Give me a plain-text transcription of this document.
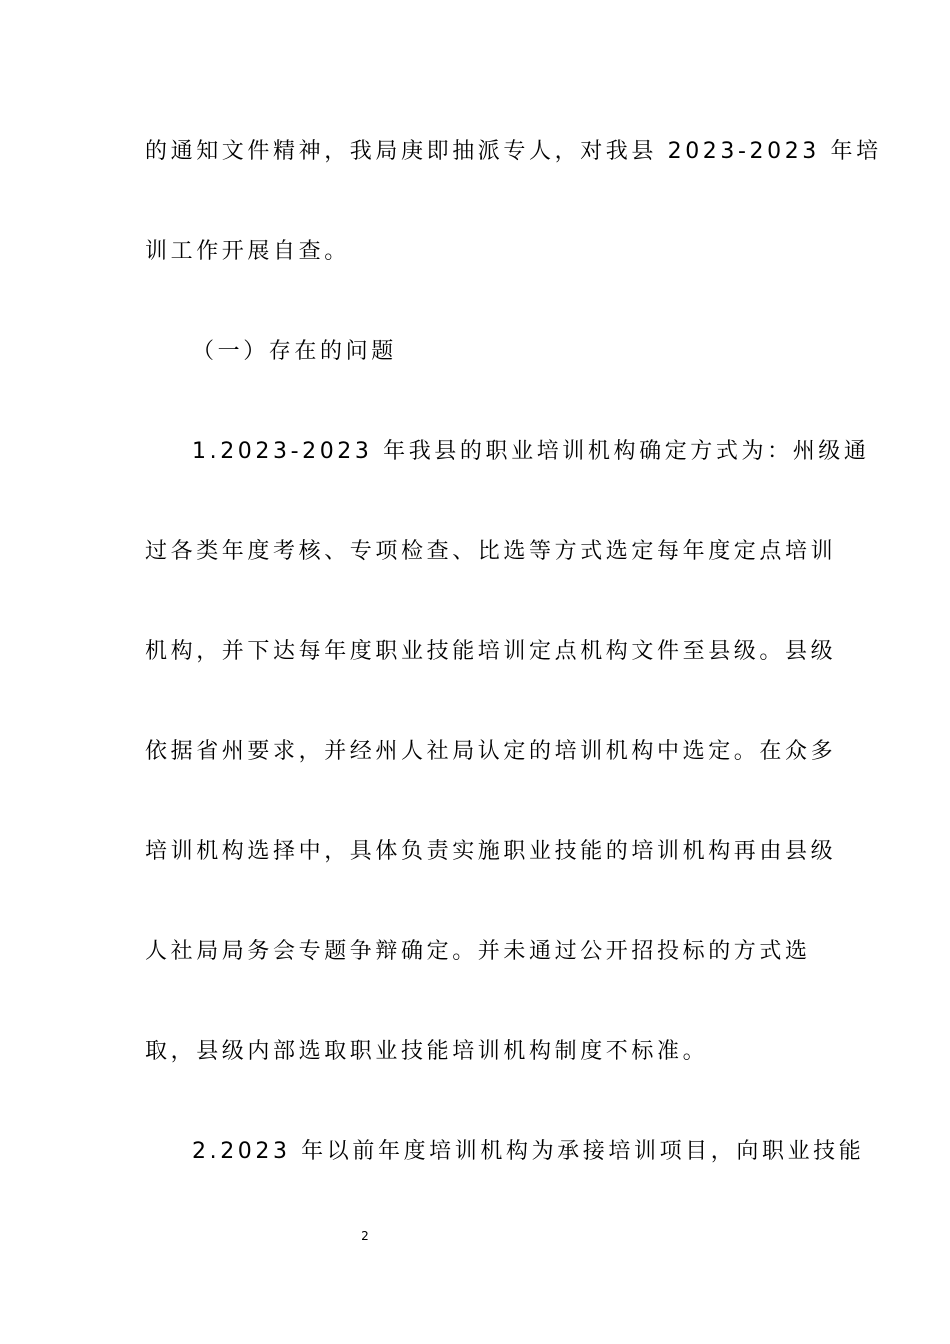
的通知文件精神，我局庚即抽派专人，对我县 2023-2023 年培
训工作开展自查。
（一）存在的问题
1.2023-2023 年我县的职业培训机构确定方式为：州级通
过各类年度考核、专项检查、比选等方式选定每年度定点培训
机构，并下达每年度职业技能培训定点机构文件至县级。县级
依据省州要求，并经州人社局认定的培训机构中选定。在众多
培训机构选择中，具体负责实施职业技能的培训机构再由县级
人社局局务会专题争辩确定。并未通过公开招投标的方式选
取，县级内部选取职业技能培训机构制度不标准。
2.2023 年以前年度培训机构为承接培训项目，向职业技能
2
